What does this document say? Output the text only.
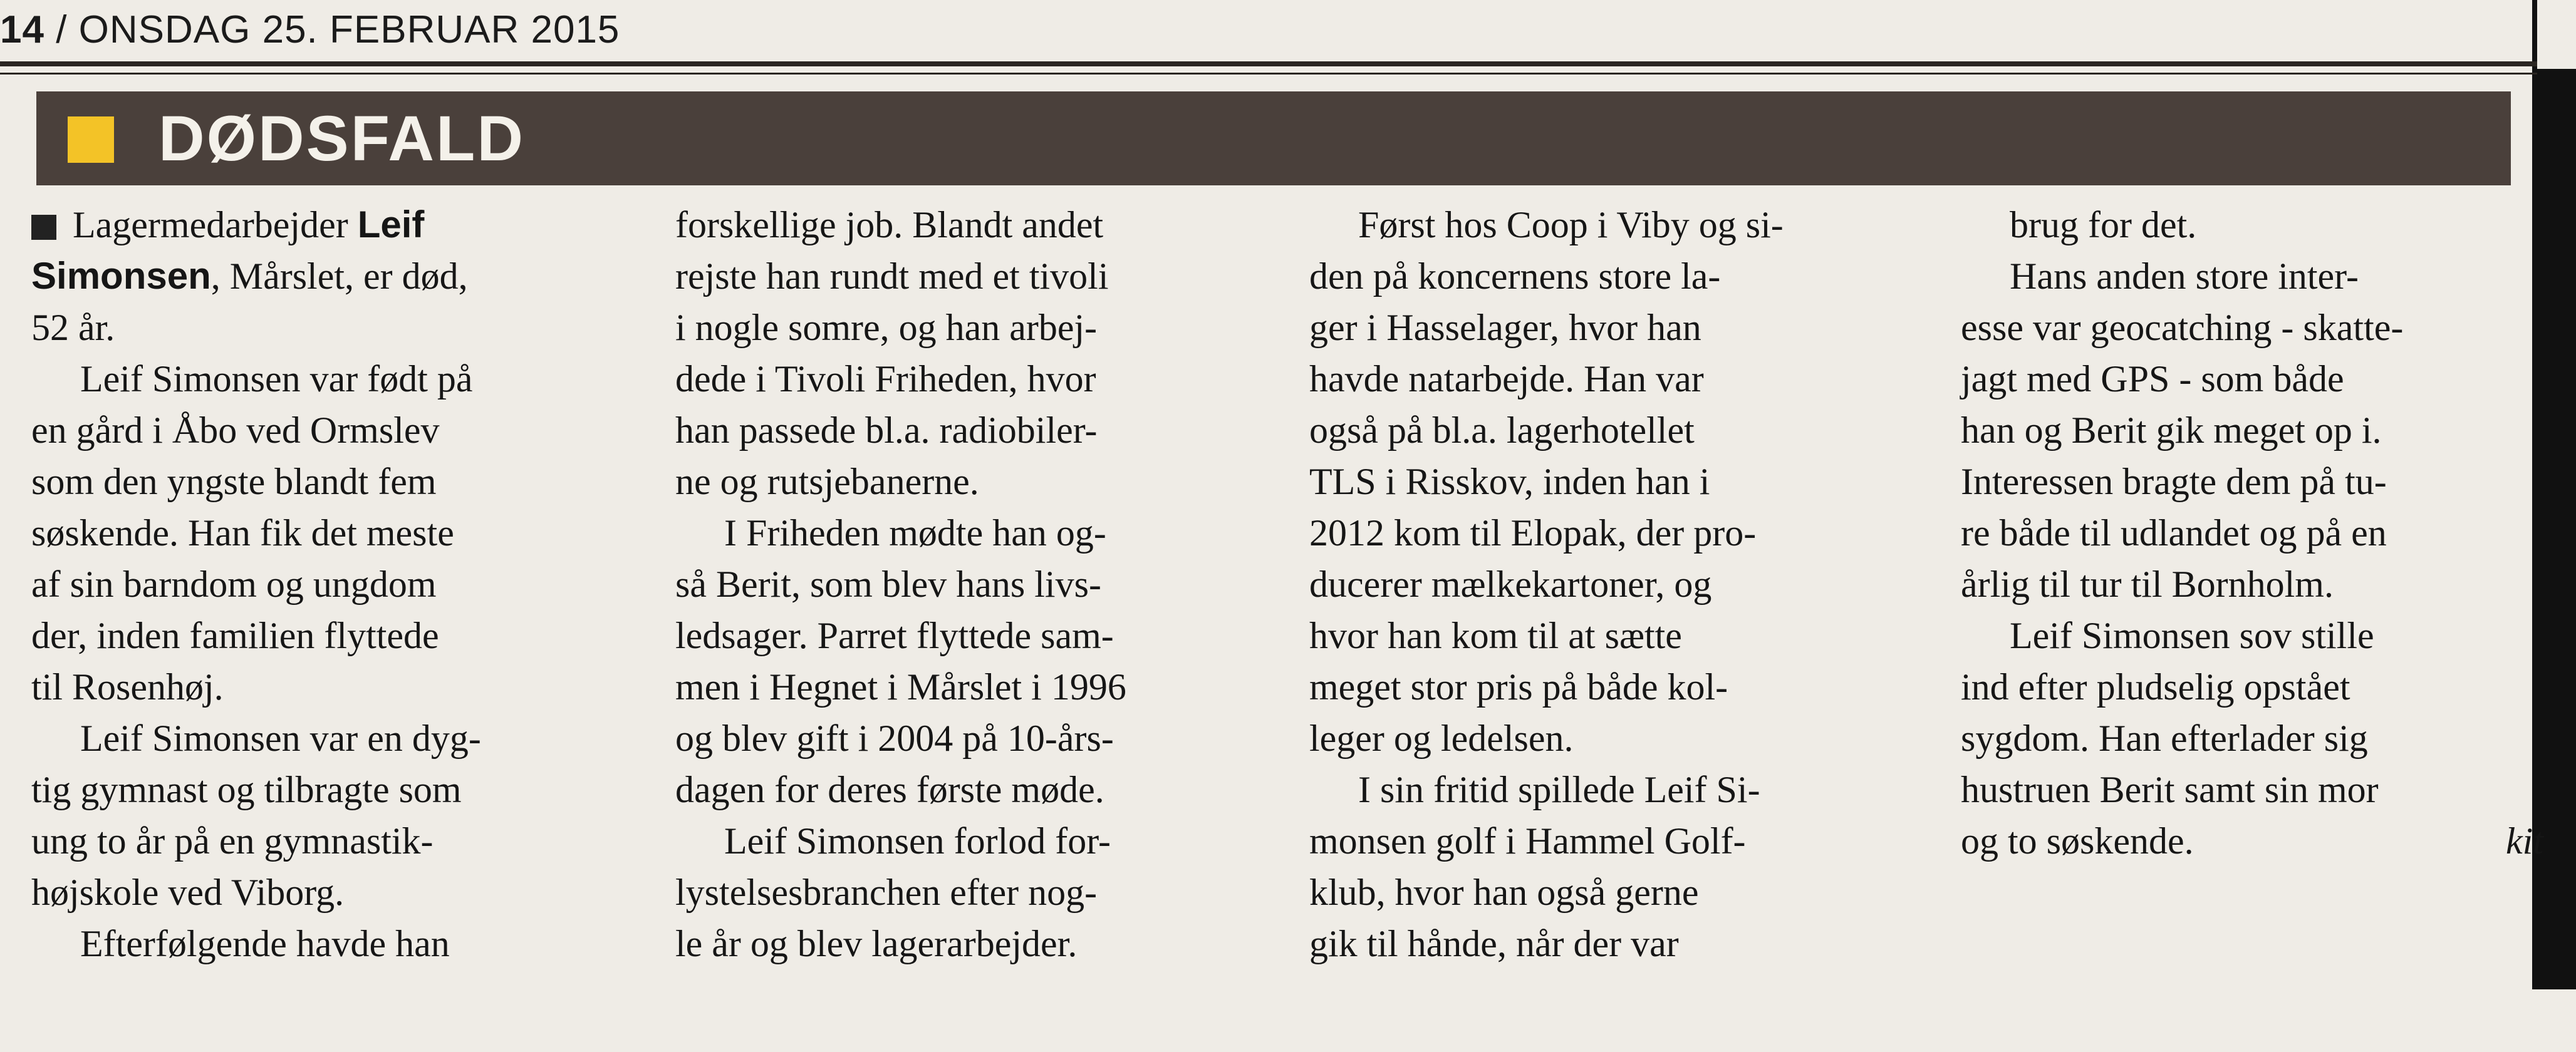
14 / ONSDAG 25. FEBRUAR 2015
DØDSFALD
Lagermedarbejder Leif
Simonsen, Mårslet, er død,
52 år.
Leif Simonsen var født på
en gård i Åbo ved Ormslev
som den yngste blandt fem
søskende. Han fik det meste
af sin barndom og ungdom
der, inden familien flyttede
til Rosenhøj.
Leif Simonsen var en dyg-
tig gymnast og tilbragte som
ung to år på en gymnastik-
højskole ved Viborg.
Efterfølgende havde han
forskellige job. Blandt andet
rejste han rundt med et tivoli
i nogle somre, og han arbej-
dede i Tivoli Friheden, hvor
han passede bl.a. radiobiler-
ne og rutsjebanerne.
I Friheden mødte han og-
så Berit, som blev hans livs-
ledsager. Parret flyttede sam-
men i Hegnet i Mårslet i 1996
og blev gift i 2004 på 10-års-
dagen for deres første møde.
Leif Simonsen forlod for-
lystelsesbranchen efter nog-
le år og blev lagerarbejder.
Først hos Coop i Viby og si-
den på koncernens store la-
ger i Hasselager, hvor han
havde natarbejde. Han var
også på bl.a. lagerhotellet
TLS i Risskov, inden han i
2012 kom til Elopak, der pro-
ducerer mælkekartoner, og
hvor han kom til at sætte
meget stor pris på både kol-
leger og ledelsen.
I sin fritid spillede Leif Si-
monsen golf i Hammel Golf-
klub, hvor han også gerne
gik til hånde, når der var
brug for det.
Hans anden store inter-
esse var geocatching - skatte-
jagt med GPS - som både
han og Berit gik meget op i.
Interessen bragte dem på tu-
re både til udlandet og på en
årlig til tur til Bornholm.
Leif Simonsen sov stille
ind efter pludselig opstået
sygdom. Han efterlader sig
hustruen Berit samt sin mor
og to søskende.	kit
